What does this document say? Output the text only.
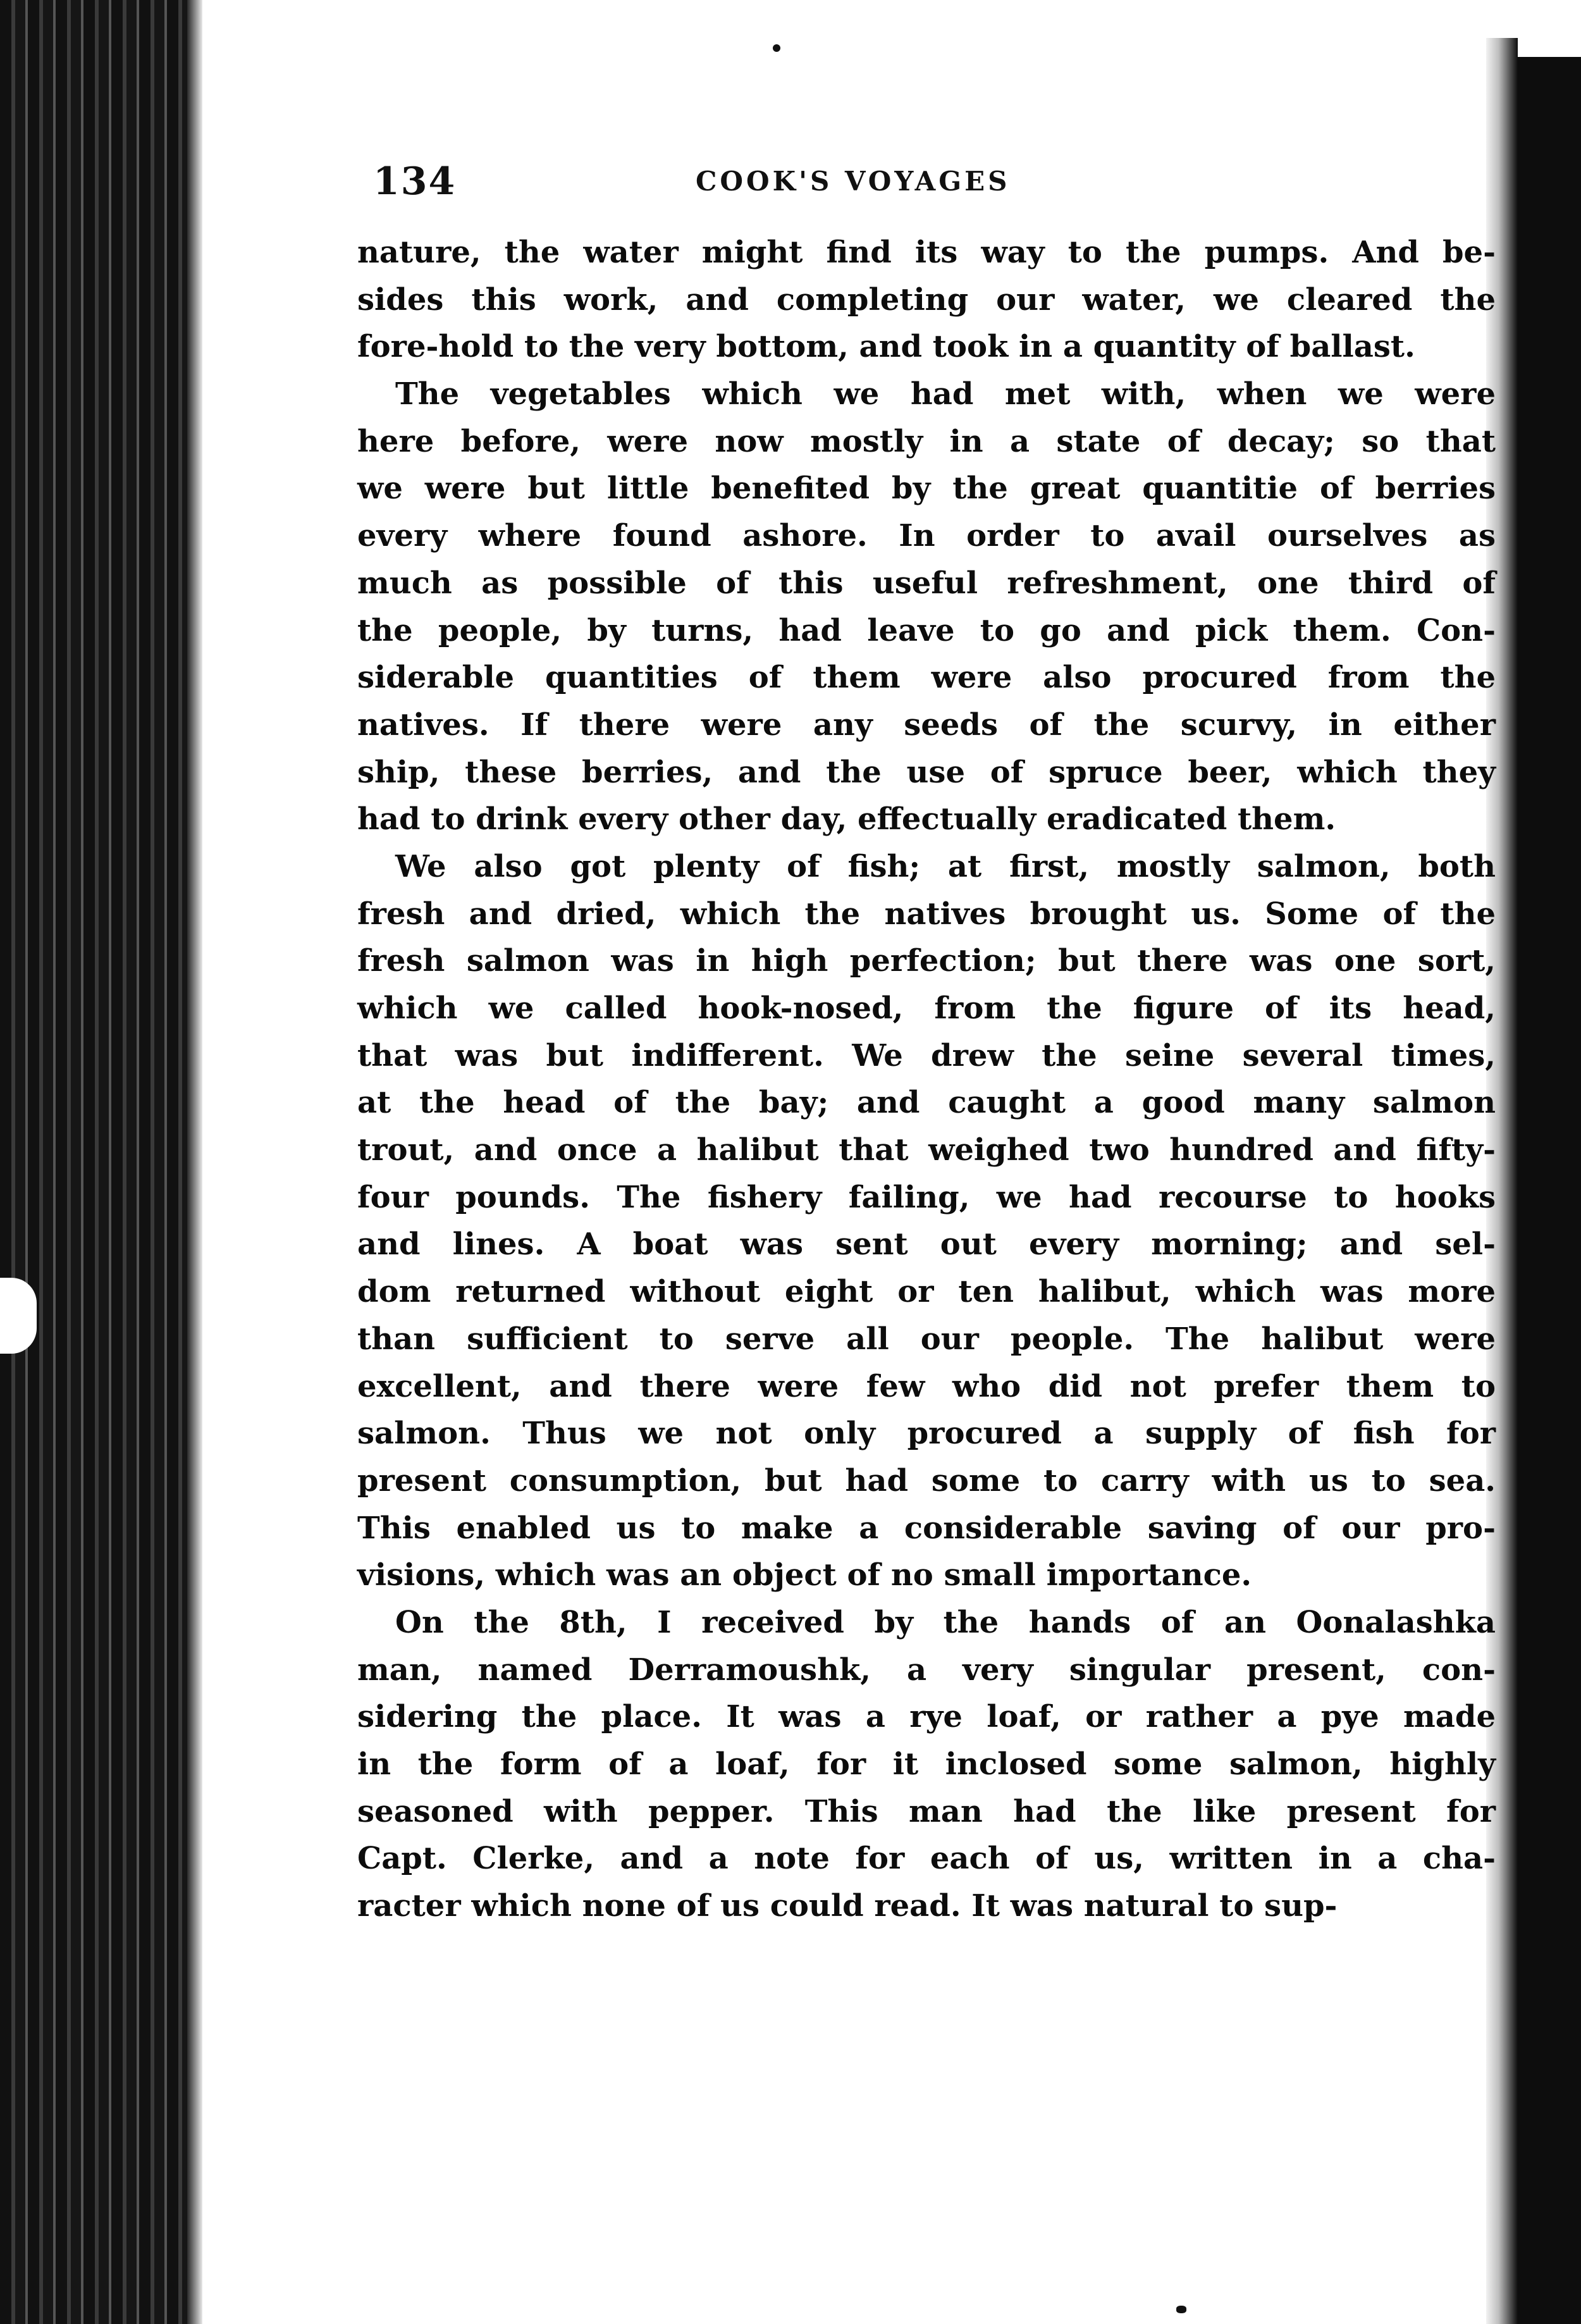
134	COOK'S VOYAGES
nature, the water might find its way to the pumps. And be-
sides this work, and completing our water, we cleared the
fore-hold to the very bottom, and took in a quantity of ballast.
The vegetables which we had met with, when we were
here before, were now mostly in a state of decay; so that
we were but little benefited by the great quantitie of berries
every where found ashore. In order to avail ourselves as
much as possible of this useful refreshment, one third of
the people, by turns, had leave to go and pick them. Con-
siderable quantities of them were also procured from the
natives. If there were any seeds of the scurvy, in either
ship, these berries, and the use of spruce beer, which they
had to drink every other day, effectually eradicated them.
We also got plenty of fish; at first, mostly salmon, both
fresh and dried, which the natives brought us. Some of the
fresh salmon was in high perfection; but there was one sort,
which we called hook-nosed, from the figure of its head,
that was but indifferent. We drew the seine several times,
at the head of the bay; and caught a good many salmon
trout, and once a halibut that weighed two hundred and fifty-
four pounds. The fishery failing, we had recourse to hooks
and lines. A boat was sent out every morning; and sel-
dom returned without eight or ten halibut, which was more
than sufficient to serve all our people. The halibut were
excellent, and there were few who did not prefer them to
salmon. Thus we not only procured a supply of fish for
present consumption, but had some to carry with us to sea.
This enabled us to make a considerable saving of our pro-
visions, which was an object of no small importance.
On the 8th, I received by the hands of an Oonalashka
man, named Derramoushk, a very singular present, con-
sidering the place. It was a rye loaf, or rather a pye made
in the form of a loaf, for it inclosed some salmon, highly
seasoned with pepper. This man had the like present for
Capt. Clerke, and a note for each of us, written in a cha-
racter which none of us could read. It was natural to sup-
